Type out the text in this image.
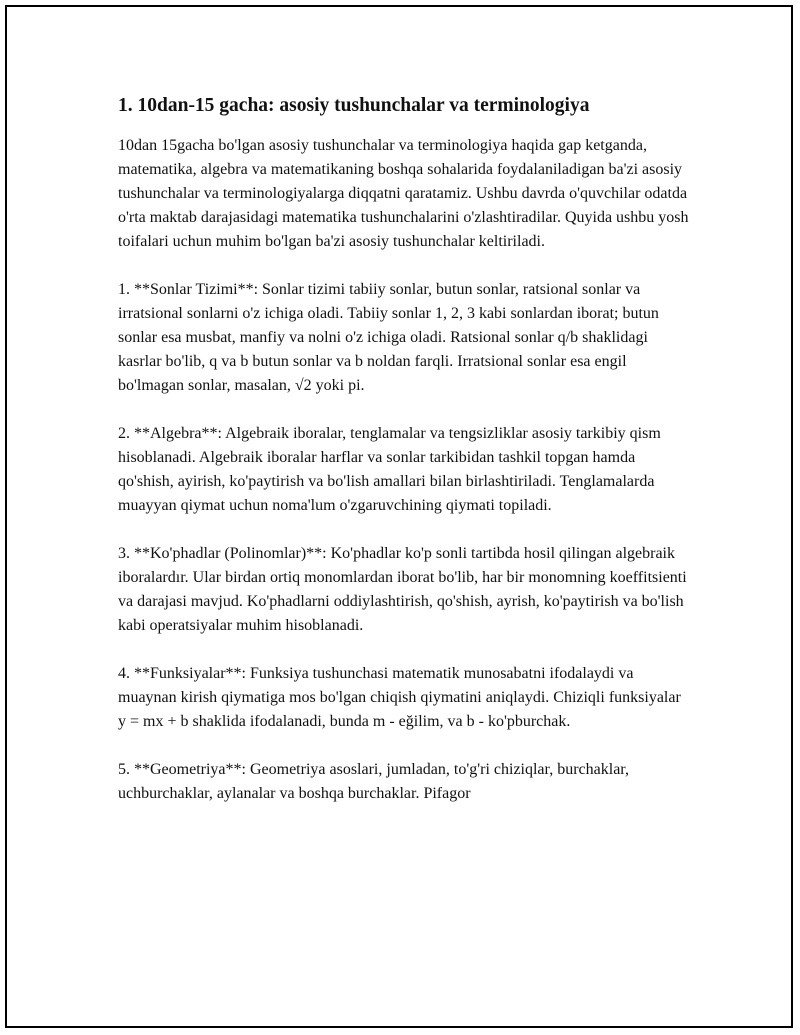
1. 10dan-15 gacha: asosiy tushunchalar va terminologiya

10dan 15gacha bo'lgan asosiy tushunchalar va terminologiya haqida gap ketganda, matematika, algebra va matematikaning boshqa sohalarida foydalaniladigan ba'zi asosiy tushunchalar va terminologiyalarga diqqatni qaratamiz. Ushbu davrda o'quvchilar odatda o'rta maktab darajasidagi matematika tushunchalarini o'zlashtiradilar. Quyida ushbu yosh toifalari uchun muhim bo'lgan ba'zi asosiy tushunchalar keltiriladi.

1. **Sonlar Tizimi**: Sonlar tizimi tabiiy sonlar, butun sonlar, ratsional sonlar va irratsional sonlarni o'z ichiga oladi. Tabiiy sonlar 1, 2, 3 kabi sonlardan iborat; butun sonlar esa musbat, manfiy va nolni o'z ichiga oladi. Ratsional sonlar q/b shaklidagi kasrlar bo'lib, q va b butun sonlar va b noldan farqli. Irratsional sonlar esa engil bo'lmagan sonlar, masalan, √2 yoki pi.

2. **Algebra**: Algebraik iboralar, tenglamalar va tengsizliklar asosiy tarkibiy qism hisoblanadi. Algebraik iboralar harflar va sonlar tarkibidan tashkil topgan hamda qo'shish, ayirish, ko'paytirish va bo'lish amallari bilan birlashtiriladi. Tenglamalarda muayyan qiymat uchun noma'lum o'zgaruvchining qiymati topiladi.

3. **Ko'phadlar (Polinomlar)**: Ko'phadlar ko'p sonli tartibda hosil qilingan algebraik iboralardır. Ular birdan ortiq monomlardan iborat bo'lib, har bir monomning koeffitsienti va darajasi mavjud. Ko'phadlarni oddiylashtirish, qo'shish, ayrish, ko'paytirish va bo'lish kabi operatsiyalar muhim hisoblanadi.

4. **Funksiyalar**: Funksiya tushunchasi matematik munosabatni ifodalaydi va muaynan kirish qiymatiga mos bo'lgan chiqish qiymatini aniqlaydi. Chiziqli funksiyalar y = mx + b shaklida ifodalanadi, bunda m - eğilim, va b - ko'pburchak.

5. **Geometriya**: Geometriya asoslari, jumladan, to'g'ri chiziqlar, burchaklar, uchburchaklar, aylanalar va boshqa burchaklar. Pifagor
